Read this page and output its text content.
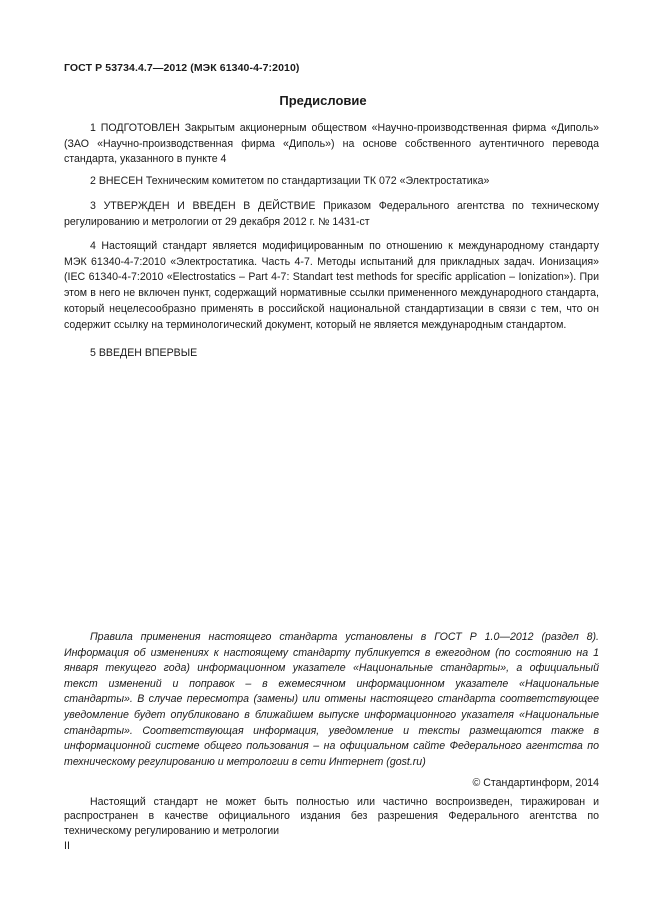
ГОСТ Р 53734.4.7—2012 (МЭК 61340-4-7:2010)
Предисловие

1 ПОДГОТОВЛЕН Закрытым акционерным обществом «Научно-производственная фирма «Диполь» (ЗАО «Научно-производственная фирма «Диполь») на основе собственного аутентичного перевода стандарта, указанного в пункте 4

2 ВНЕСЕН Техническим комитетом по стандартизации ТК 072 «Электростатика»

3 УТВЕРЖДЕН И ВВЕДЕН В ДЕЙСТВИЕ Приказом Федерального агентства по техническому регулированию и метрологии от 29 декабря 2012 г. № 1431-ст

4 Настоящий стандарт является модифицированным по отношению к международному стандарту МЭК 61340-4-7:2010 «Электростатика. Часть 4-7. Методы испытаний для прикладных задач. Ионизация» (IEC 61340-4-7:2010 «Electrostatics – Part 4-7: Standart test methods for specific application – Ionization»). При этом в него не включен пункт, содержащий нормативные ссылки примененного международного стандарта, который нецелесообразно применять в российской национальной стандартизации в связи с тем, что он содержит ссылку на терминологический документ, который не является международным стандартом.

5 ВВЕДЕН ВПЕРВЫЕ

Правила применения настоящего стандарта установлены в ГОСТ Р 1.0—2012 (раздел 8). Информация об изменениях к настоящему стандарту публикуется в ежегодном (по состоянию на 1 января текущего года) информационном указателе «Национальные стандарты», а официальный текст изменений и поправок – в ежемесячном информационном указателе «Национальные стандарты». В случае пересмотра (замены) или отмены настоящего стандарта соответствующее уведомление будет опубликовано в ближайшем выпуске информационного указателя «Национальные стандарты». Соответствующая информация, уведомление и тексты размещаются также в информационной системе общего пользования – на официальном сайте Федерального агентства по техническому регулированию и метрологии в сети Интернет (gost.ru)

© Стандартинформ, 2014

Настоящий стандарт не может быть полностью или частично воспроизведен, тиражирован и распространен в качестве официального издания без разрешения Федерального агентства по техническому регулированию и метрологии

II
